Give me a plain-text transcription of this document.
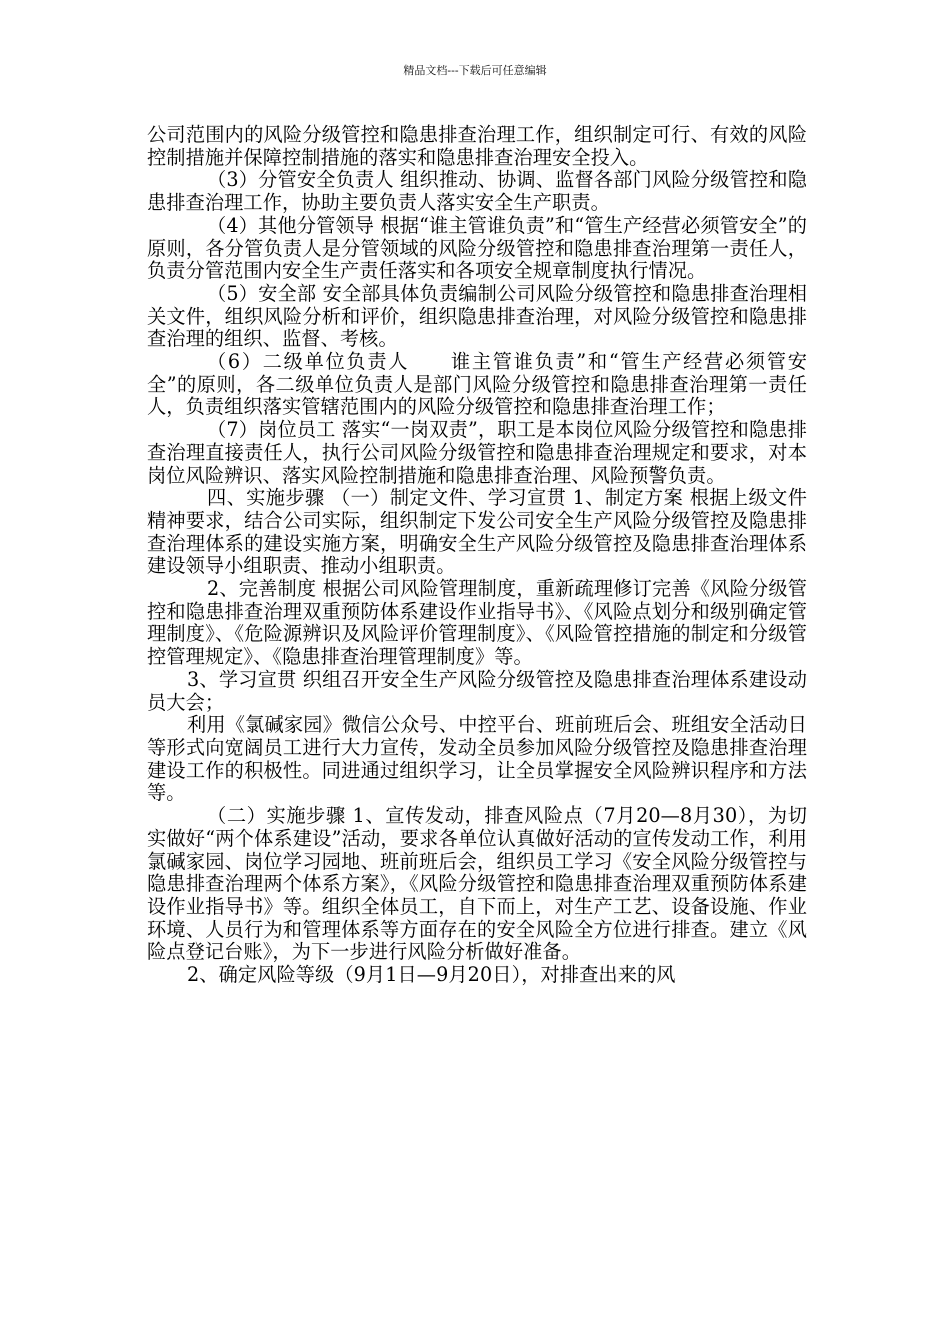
精品文档---下载后可任意编辑

公司范围内的风险分级管控和隐患排查治理工作，组织制定可行、有效的风险控制措施并保障控制措施的落实和隐患排查治理安全投入。

（3）分管安全负责人 组织推动、协调、监督各部门风险分级管控和隐患排查治理工作，协助主要负责人落实安全生产职责。

（4）其他分管领导 根据“谁主管谁负责”和“管生产经营必须管安全”的原则，各分管负责人是分管领域的风险分级管控和隐患排查治理第一责任人，负责分管范围内安全生产责任落实和各项安全规章制度执行情况。

（5）安全部 安全部具体负责编制公司风险分级管控和隐患排查治理相关文件，组织风险分析和评价，组织隐患排查治理，对风险分级管控和隐患排查治理的组织、监督、考核。

（6）二级单位负责人　　谁主管谁负责”和“管生产经营必须管安全”的原则，各二级单位负责人是部门风险分级管控和隐患排查治理第一责任人，负责组织落实管辖范围内的风险分级管控和隐患排查治理工作；

（7）岗位员工 落实“一岗双责”，职工是本岗位风险分级管控和隐患排查治理直接责任人，执行公司风险分级管控和隐患排查治理规定和要求，对本岗位风险辨识、落实风险控制措施和隐患排查治理、风险预警负责。

四、实施步骤 （一）制定文件、学习宣贯 1、制定方案 根据上级文件精神要求，结合公司实际，组织制定下发公司安全生产风险分级管控及隐患排查治理体系的建设实施方案，明确安全生产风险分级管控及隐患排查治理体系建设领导小组职责、推动小组职责。

2、完善制度 根据公司风险管理制度，重新疏理修订完善《风险分级管控和隐患排查治理双重预防体系建设作业指导书》、《风险点划分和级别确定管理制度》、《危险源辨识及风险评价管理制度》、《风险管控措施的制定和分级管控管理规定》、《隐患排查治理管理制度》等。

3、学习宣贯 织组召开安全生产风险分级管控及隐患排查治理体系建设动员大会；

利用《氯碱家园》微信公众号、中控平台、班前班后会、班组安全活动日等形式向宽阔员工进行大力宣传，发动全员参加风险分级管控及隐患排查治理建设工作的积极性。同进通过组织学习，让全员掌握安全风险辨识程序和方法等。

（二）实施步骤 1、宣传发动，排查风险点（7月20—8月30），为切实做好“两个体系建设”活动，要求各单位认真做好活动的宣传发动工作，利用氯碱家园、岗位学习园地、班前班后会，组织员工学习《安全风险分级管控与隐患排查治理两个体系方案》，《风险分级管控和隐患排查治理双重预防体系建设作业指导书》等。组织全体员工，自下而上，对生产工艺、设备设施、作业环境、人员行为和管理体系等方面存在的安全风险全方位进行排查。建立《风险点登记台账》，为下一步进行风险分析做好准备。

2、确定风险等级（9月1日—9月20日），对排查出来的风
